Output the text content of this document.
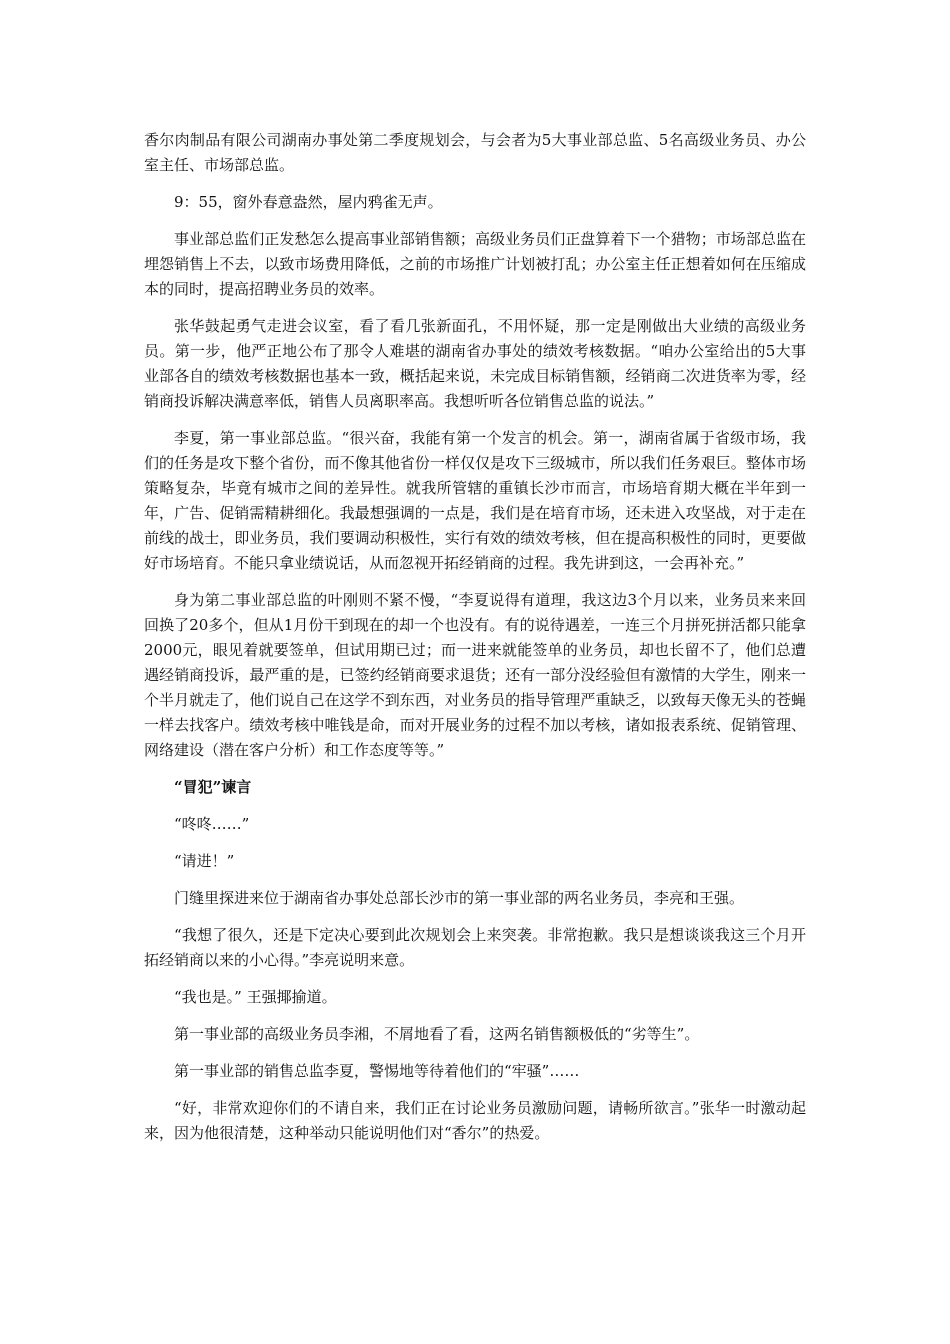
香尔肉制品有限公司湖南办事处第二季度规划会，与会者为5大事业部总监、5名高级业务员、办公室主任、市场部总监。

9：55，窗外春意盎然，屋内鸦雀无声。

事业部总监们正发愁怎么提高事业部销售额；高级业务员们正盘算着下一个猎物；市场部总监在埋怨销售上不去，以致市场费用降低，之前的市场推广计划被打乱；办公室主任正想着如何在压缩成本的同时，提高招聘业务员的效率。

张华鼓起勇气走进会议室，看了看几张新面孔，不用怀疑，那一定是刚做出大业绩的高级业务员。第一步，他严正地公布了那令人难堪的湖南省办事处的绩效考核数据。“咱办公室给出的5大事业部各自的绩效考核数据也基本一致，概括起来说，未完成目标销售额，经销商二次进货率为零，经销商投诉解决满意率低，销售人员离职率高。我想听听各位销售总监的说法。”

李夏，第一事业部总监。“很兴奋，我能有第一个发言的机会。第一，湖南省属于省级市场，我们的任务是攻下整个省份，而不像其他省份一样仅仅是攻下三级城市，所以我们任务艰巨。整体市场策略复杂，毕竟有城市之间的差异性。就我所管辖的重镇长沙市而言，市场培育期大概在半年到一年，广告、促销需精耕细化。我最想强调的一点是，我们是在培育市场，还未进入攻坚战，对于走在前线的战士，即业务员，我们要调动积极性，实行有效的绩效考核，但在提高积极性的同时，更要做好市场培育。不能只拿业绩说话，从而忽视开拓经销商的过程。我先讲到这，一会再补充。”

身为第二事业部总监的叶刚则不紧不慢，“李夏说得有道理，我这边3个月以来，业务员来来回回换了20多个，但从1月份干到现在的却一个也没有。有的说待遇差，一连三个月拼死拼活都只能拿2000元，眼见着就要签单，但试用期已过；而一进来就能签单的业务员，却也长留不了，他们总遭遇经销商投诉，最严重的是，已签约经销商要求退货；还有一部分没经验但有激情的大学生，刚来一个半月就走了，他们说自己在这学不到东西，对业务员的指导管理严重缺乏，以致每天像无头的苍蝇一样去找客户。绩效考核中唯钱是命，而对开展业务的过程不加以考核，诸如报表系统、促销管理、网络建设（潜在客户分析）和工作态度等等。”

“冒犯”谏言

“咚咚……”

“请进！”

门缝里探进来位于湖南省办事处总部长沙市的第一事业部的两名业务员，李亮和王强。

“我想了很久，还是下定决心要到此次规划会上来突袭。非常抱歉。我只是想谈谈我这三个月开拓经销商以来的小心得。”李亮说明来意。

“我也是。” 王强揶揄道。

第一事业部的高级业务员李湘，不屑地看了看，这两名销售额极低的“劣等生”。

第一事业部的销售总监李夏，警惕地等待着他们的“牢骚”……

“好，非常欢迎你们的不请自来，我们正在讨论业务员激励问题，请畅所欲言。”张华一时激动起来，因为他很清楚，这种举动只能说明他们对“香尔”的热爱。
